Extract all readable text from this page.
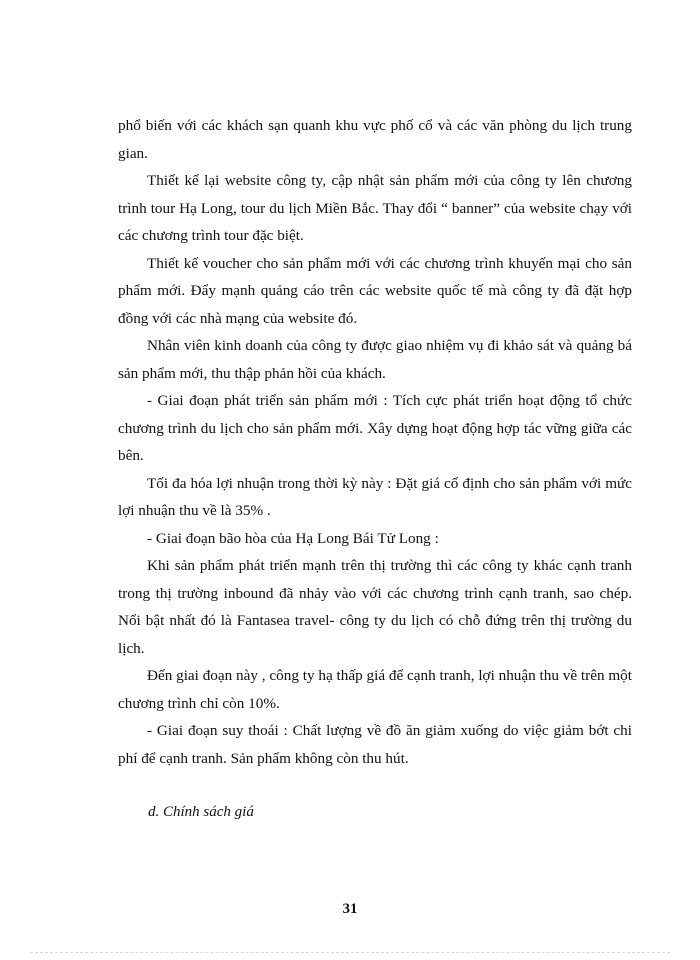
phổ biến với các khách sạn quanh khu vực phố cổ và các văn phòng du lịch trung gian.

Thiết kế lại website công ty, cập nhật sản phẩm mới của công ty lên chương trình tour Hạ Long, tour du lịch Miền Bắc. Thay đổi “ banner” của website chạy với các chương trình tour đặc biệt.

Thiết kế voucher cho sản phẩm mới với các chương trình khuyến mại cho sản phẩm mới. Đẩy mạnh quảng cáo trên các website quốc tế mà công ty đã đặt hợp đồng với các nhà mạng của website đó.

Nhân viên kinh doanh của công ty được giao nhiệm vụ đi khảo sát và quảng bá sản phẩm mới, thu thập phản hồi của khách.

- Giai đoạn phát triển sản phẩm mới : Tích cực phát triển hoạt động tổ chức chương trình du lịch cho sản phẩm mới. Xây dựng hoạt động hợp tác vững giữa các bên.

Tối đa hóa lợi nhuận trong thời kỳ này : Đặt giá cố định cho sản phẩm với mức lợi nhuận thu về là 35% .

- Giai đoạn bão hòa của Hạ Long Bái Tử Long :

Khi sản phẩm phát triển mạnh trên thị trường thì các công ty khác cạnh tranh trong thị trường inbound đã nhảy vào với các chương trình cạnh tranh, sao chép. Nổi bật nhất đó là Fantasea travel- công ty du lịch có chỗ đứng trên thị trường du lịch.

Đến giai đoạn này , công ty hạ thấp giá để cạnh tranh, lợi nhuận thu về trên một chương trình chỉ còn 10%.

- Giai đoạn suy thoái : Chất lượng về đồ ăn giảm xuống do việc giảm bớt chi phí để cạnh tranh. Sản phẩm không còn thu hút.

d. Chính sách giá
31
